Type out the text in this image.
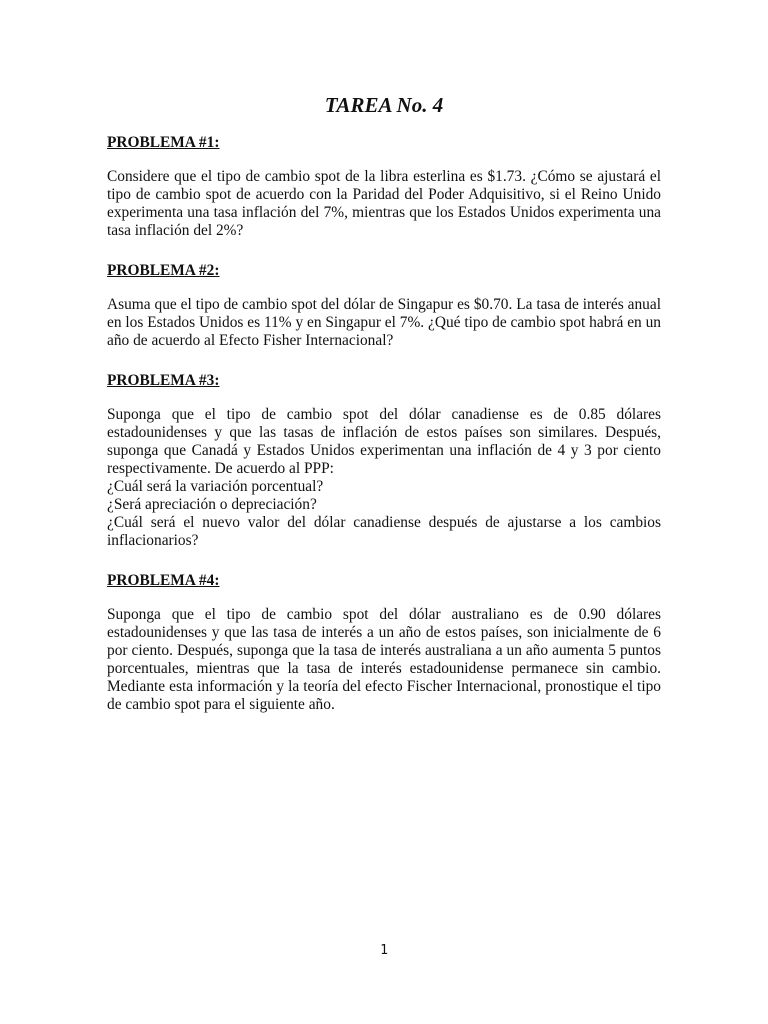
TAREA No. 4

PROBLEMA #1:

Considere que el tipo de cambio spot de la libra esterlina es $1.73. ¿Cómo se ajustará el tipo de cambio spot de acuerdo con la Paridad del Poder Adquisitivo, si el Reino Unido experimenta una tasa inflación del 7%, mientras que los Estados Unidos experimenta una tasa inflación del 2%?

PROBLEMA #2:

Asuma que el tipo de cambio spot del dólar de Singapur es $0.70. La tasa de interés anual en los Estados Unidos es 11% y en Singapur el 7%. ¿Qué tipo de cambio spot habrá en un año de acuerdo al Efecto Fisher Internacional?

PROBLEMA #3:

Suponga que el tipo de cambio spot del dólar canadiense es de 0.85 dólares estadounidenses y que las tasas de inflación de estos países son similares. Después, suponga que Canadá y Estados Unidos experimentan una inflación de 4 y 3 por ciento respectivamente. De acuerdo al PPP:

¿Cuál será la variación porcentual?

¿Será apreciación o depreciación?

¿Cuál será el nuevo valor del dólar canadiense después de ajustarse a los cambios inflacionarios?

PROBLEMA #4:

Suponga que el tipo de cambio spot del dólar australiano es de 0.90 dólares estadounidenses y que las tasa de interés a un año de estos países, son inicialmente de 6 por ciento. Después, suponga que la tasa de interés australiana a un año aumenta 5 puntos porcentuales, mientras que la tasa de interés estadounidense permanece sin cambio. Mediante esta información y la teoría del efecto Fischer Internacional, pronostique el tipo de cambio spot para el siguiente año.

1
